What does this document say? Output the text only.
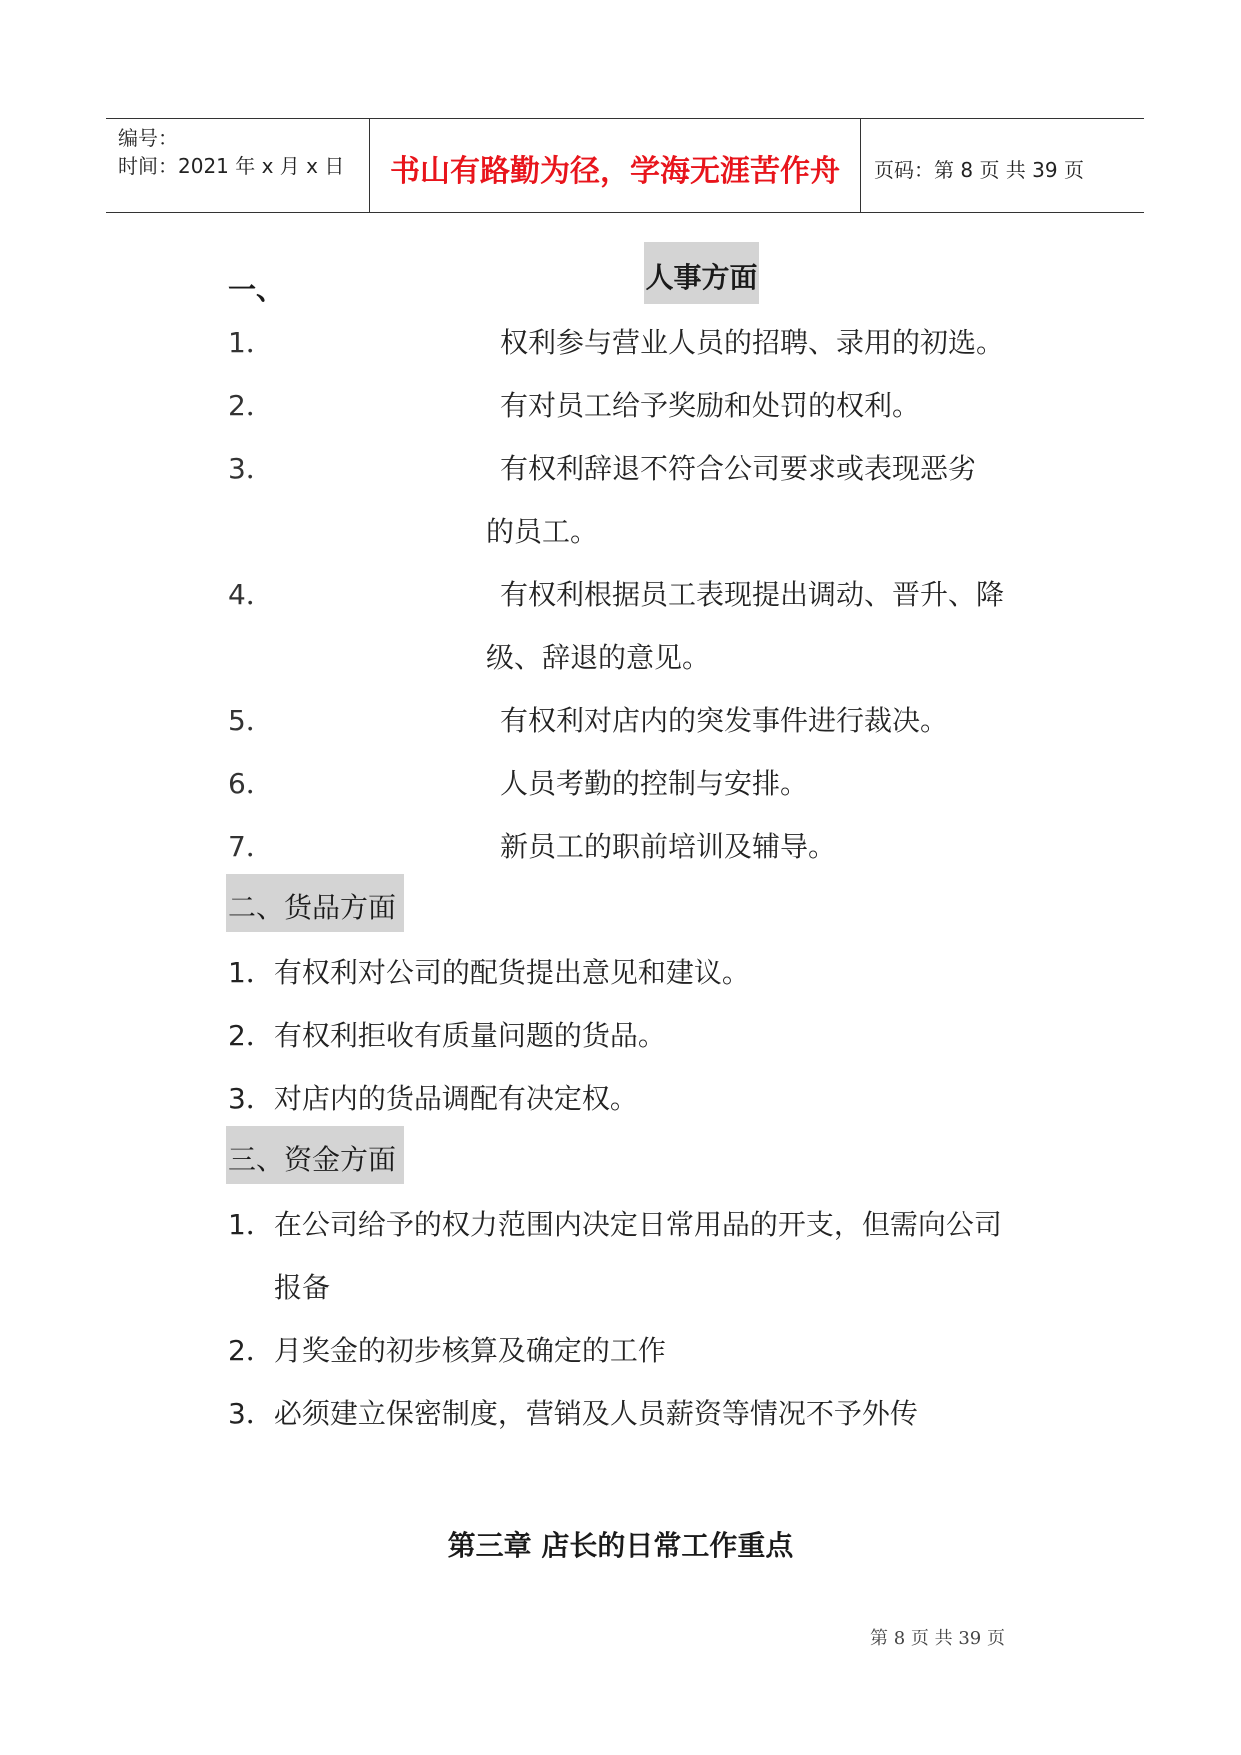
编号：
时间：2021 年 x 月 x 日	书山有路勤为径，学海无涯苦作舟	页码：第 8 页 共 39 页
一、	人事方面
1．	权利参与营业人员的招聘、录用的初选。
2．	有对员工给予奖励和处罚的权利。
3．	有权利辞退不符合公司要求或表现恶劣
的员工。
4．	有权利根据员工表现提出调动、晋升、降
级、辞退的意见。
5．	有权利对店内的突发事件进行裁决。
6．	人员考勤的控制与安排。
7．	新员工的职前培训及辅导。
二、货品方面
1．有权利对公司的配货提出意见和建议。
2．有权利拒收有质量问题的货品。
3．对店内的货品调配有决定权。
三、资金方面
1．在公司给予的权力范围内决定日常用品的开支，但需向公司
报备
2．月奖金的初步核算及确定的工作
3．必须建立保密制度，营销及人员薪资等情况不予外传
第三章 店长的日常工作重点
第 8 页 共 39 页
